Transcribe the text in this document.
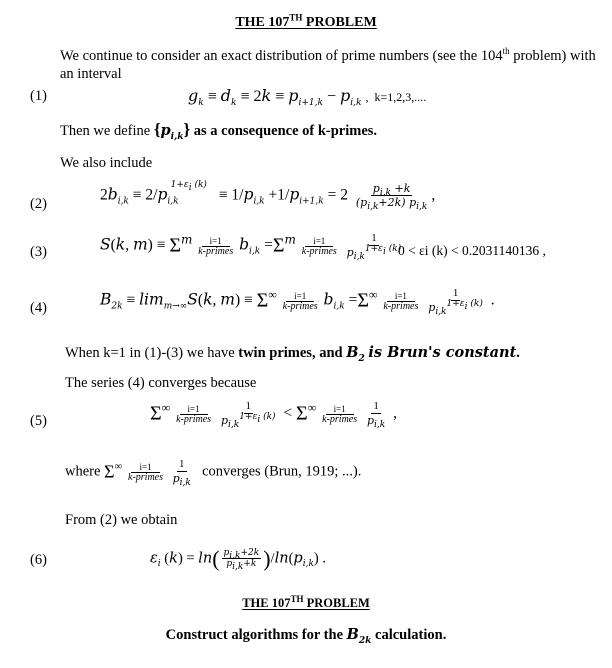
THE 107TH PROBLEM
We continue to consider an exact distribution of prime numbers (see the 104th problem) with
an interval
(1)	$g_k \equiv d_k \equiv 2k \equiv p_{i+1,k} - p_{i,k}$ ,  k=1,2,3,....
Then we define $\{p_{i,k}\}$ as a consequence of k-primes.
We also include
(2)
$2b_{i,k} \equiv 2/p_{i,k}^{1+\varepsilon_i (k)} \equiv 1/p_{i,k} +1/p_{i+1,k} = 2 \frac{p_{i,k} +k}{(p_{i,k}+2k) p_{i,k}}$ ,
(3)	S(k, $m) \equiv \Sigma^m$	i=1
k-primes $b_{i,k} =\Sigma^m$	i=1
k-primes
$\frac{1}{p_{i,k}^{1+\varepsilon_i (k)}}$
0 < εi (k) < 0.2031140136 ,
(4)	$B_{2k} \equiv \lim_{m\to\infty}S(k$, m) ≡ Σ∞	i=1
k-primes $b_{i,k} =\Sigma^\infty$	i=1
k-primes
$\frac{1}{p_{i,k}^{1+\varepsilon_i (k)}}$ .
When k=1 in (1)-(3) we have twin primes, and $B_2$ is Brun's constant.
The series (4) converges because
(5)	Σ∞	i=1
k-primes
$\frac{1}{p_{i,k}^{1+\varepsilon_i (k)}} < \Sigma^\infty$	i=1
k-primes
$\frac{1}{p_{i,k}}$ ,
where Σ∞	i=1
k-primes
$\frac{1}{p_{i,k}}$ converges (Brun, 1919; ...).
From (2) we obtain
(6)	$\varepsilon_i$ $(k) = \ln( \frac{p_{i,k}+2k}{p_{i,k}+k} )/\ln(p_{i,k})$ .
THE 107TH PROBLEM
Construct algorithms for the $B_{2k}$ calculation.
